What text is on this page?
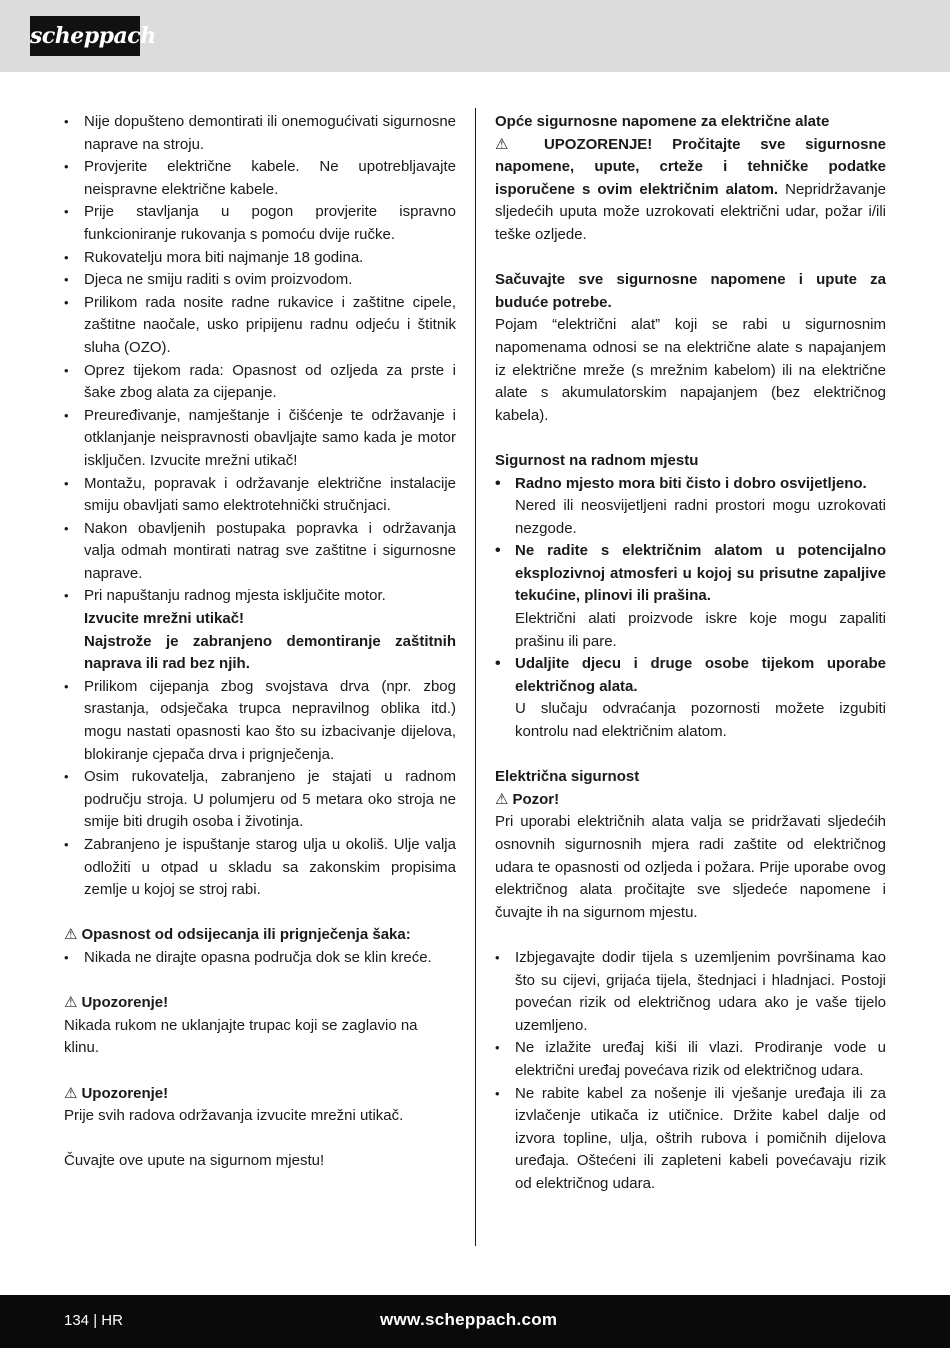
scheppach
• Nije dopušteno demontirati ili onemogućivati sigurnosne naprave na stroju.
• Provjerite električne kabele. Ne upotrebljavajte neispravne električne kabele.
• Prije stavljanja u pogon provjerite ispravno funkcioniranje rukovanja s pomoću dvije ručke.
• Rukovatelju mora biti najmanje 18 godina.
• Djeca ne smiju raditi s ovim proizvodom.
• Prilikom rada nosite radne rukavice i zaštitne cipele, zaštitne naočale, usko pripijenu radnu odjeću i štitnik sluha (OZO).
• Oprez tijekom rada: Opasnost od ozljeda za prste i šake zbog alata za cijepanje.
• Preuređivanje, namještanje i čišćenje te održavanje i otklanjanje neispravnosti obavljajte samo kada je motor isključen. Izvucite mrežni utikač!
• Montažu, popravak i održavanje električne instalacije smiju obavljati samo elektrotehnički stručnjaci.
• Nakon obavljenih postupaka popravka i održavanja valja odmah montirati natrag sve zaštitne i sigurnosne naprave.
• Pri napuštanju radnog mjesta isključite motor.
Izvucite mrežni utikač!
Najstrože je zabranjeno demontiranje zaštitnih naprava ili rad bez njih.
• Prilikom cijepanja zbog svojstava drva (npr. zbog srastanja, odsječaka trupca nepravilnog oblika itd.) mogu nastati opasnosti kao što su izbacivanje dijelova, blokiranje cjepača drva i prignječenja.
• Osim rukovatelja, zabranjeno je stajati u radnom području stroja. U polumjeru od 5 metara oko stroja ne smije biti drugih osoba i životinja.
• Zabranjeno je ispuštanje starog ulja u okoliš. Ulje valja odložiti u otpad u skladu sa zakonskim propisima zemlje u kojoj se stroj rabi.

⚠ Opasnost od odsijecanja ili prignječenja šaka:

• Nikada ne dirajte opasna područja dok se klin kreće.

⚠ Upozorenje!

Nikada rukom ne uklanjajte trupac koji se zaglavio na klinu.

⚠ Upozorenje!

Prije svih radova održavanja izvucite mrežni utikač.

Čuvajte ove upute na sigurnom mjestu!

Opće sigurnosne napomene za električne alate

⚠ UPOZORENJE! Pročitajte sve sigurnosne napomene, upute, crteže i tehničke podatke isporučene s ovim električnim alatom. Nepridržavanje sljedećih uputa može uzrokovati električni udar, požar i/ili teške ozljede.

Sačuvajte sve sigurnosne napomene i upute za buduće potrebe.

Pojam “električni alat” koji se rabi u sigurnosnim napomenama odnosi se na električne alate s napajanjem iz električne mreže (s mrežnim kabelom) ili na električne alate s akumulatorskim napajanjem (bez električnog kabela).

Sigurnost na radnom mjestu

• Radno mjesto mora biti čisto i dobro osvijetljeno.
Nered ili neosvijetljeni radni prostori mogu uzrokovati nezgode.
• Ne radite s električnim alatom u potencijalno eksplozivnoj atmosferi u kojoj su prisutne zapaljive tekućine, plinovi ili prašina.
Električni alati proizvode iskre koje mogu zapaliti prašinu ili pare.
• Udaljite djecu i druge osobe tijekom uporabe električnog alata.
U slučaju odvraćanja pozornosti možete izgubiti kontrolu nad električnim alatom.

Električna sigurnost

⚠ Pozor!

Pri uporabi električnih alata valja se pridržavati sljedećih osnovnih sigurnosnih mjera radi zaštite od električnog udara te opasnosti od ozljeda i požara. Prije uporabe ovog električnog alata pročitajte sve sljedeće napomene i čuvajte ih na sigurnom mjestu.

• Izbjegavajte dodir tijela s uzemljenim površinama kao što su cijevi, grijaća tijela, štednjaci i hladnjaci. Postoji povećan rizik od električnog udara ako je vaše tijelo uzemljeno.
• Ne izlažite uređaj kiši ili vlazi. Prodiranje vode u električni uređaj povećava rizik od električnog udara.
• Ne rabite kabel za nošenje ili vješanje uređaja ili za izvlačenje utikača iz utičnice. Držite kabel dalje od izvora topline, ulja, oštrih rubova i pomičnih dijelova uređaja. Oštećeni ili zapleteni kabeli povećavaju rizik od električnog udara.
134 | HR	www.scheppach.com
